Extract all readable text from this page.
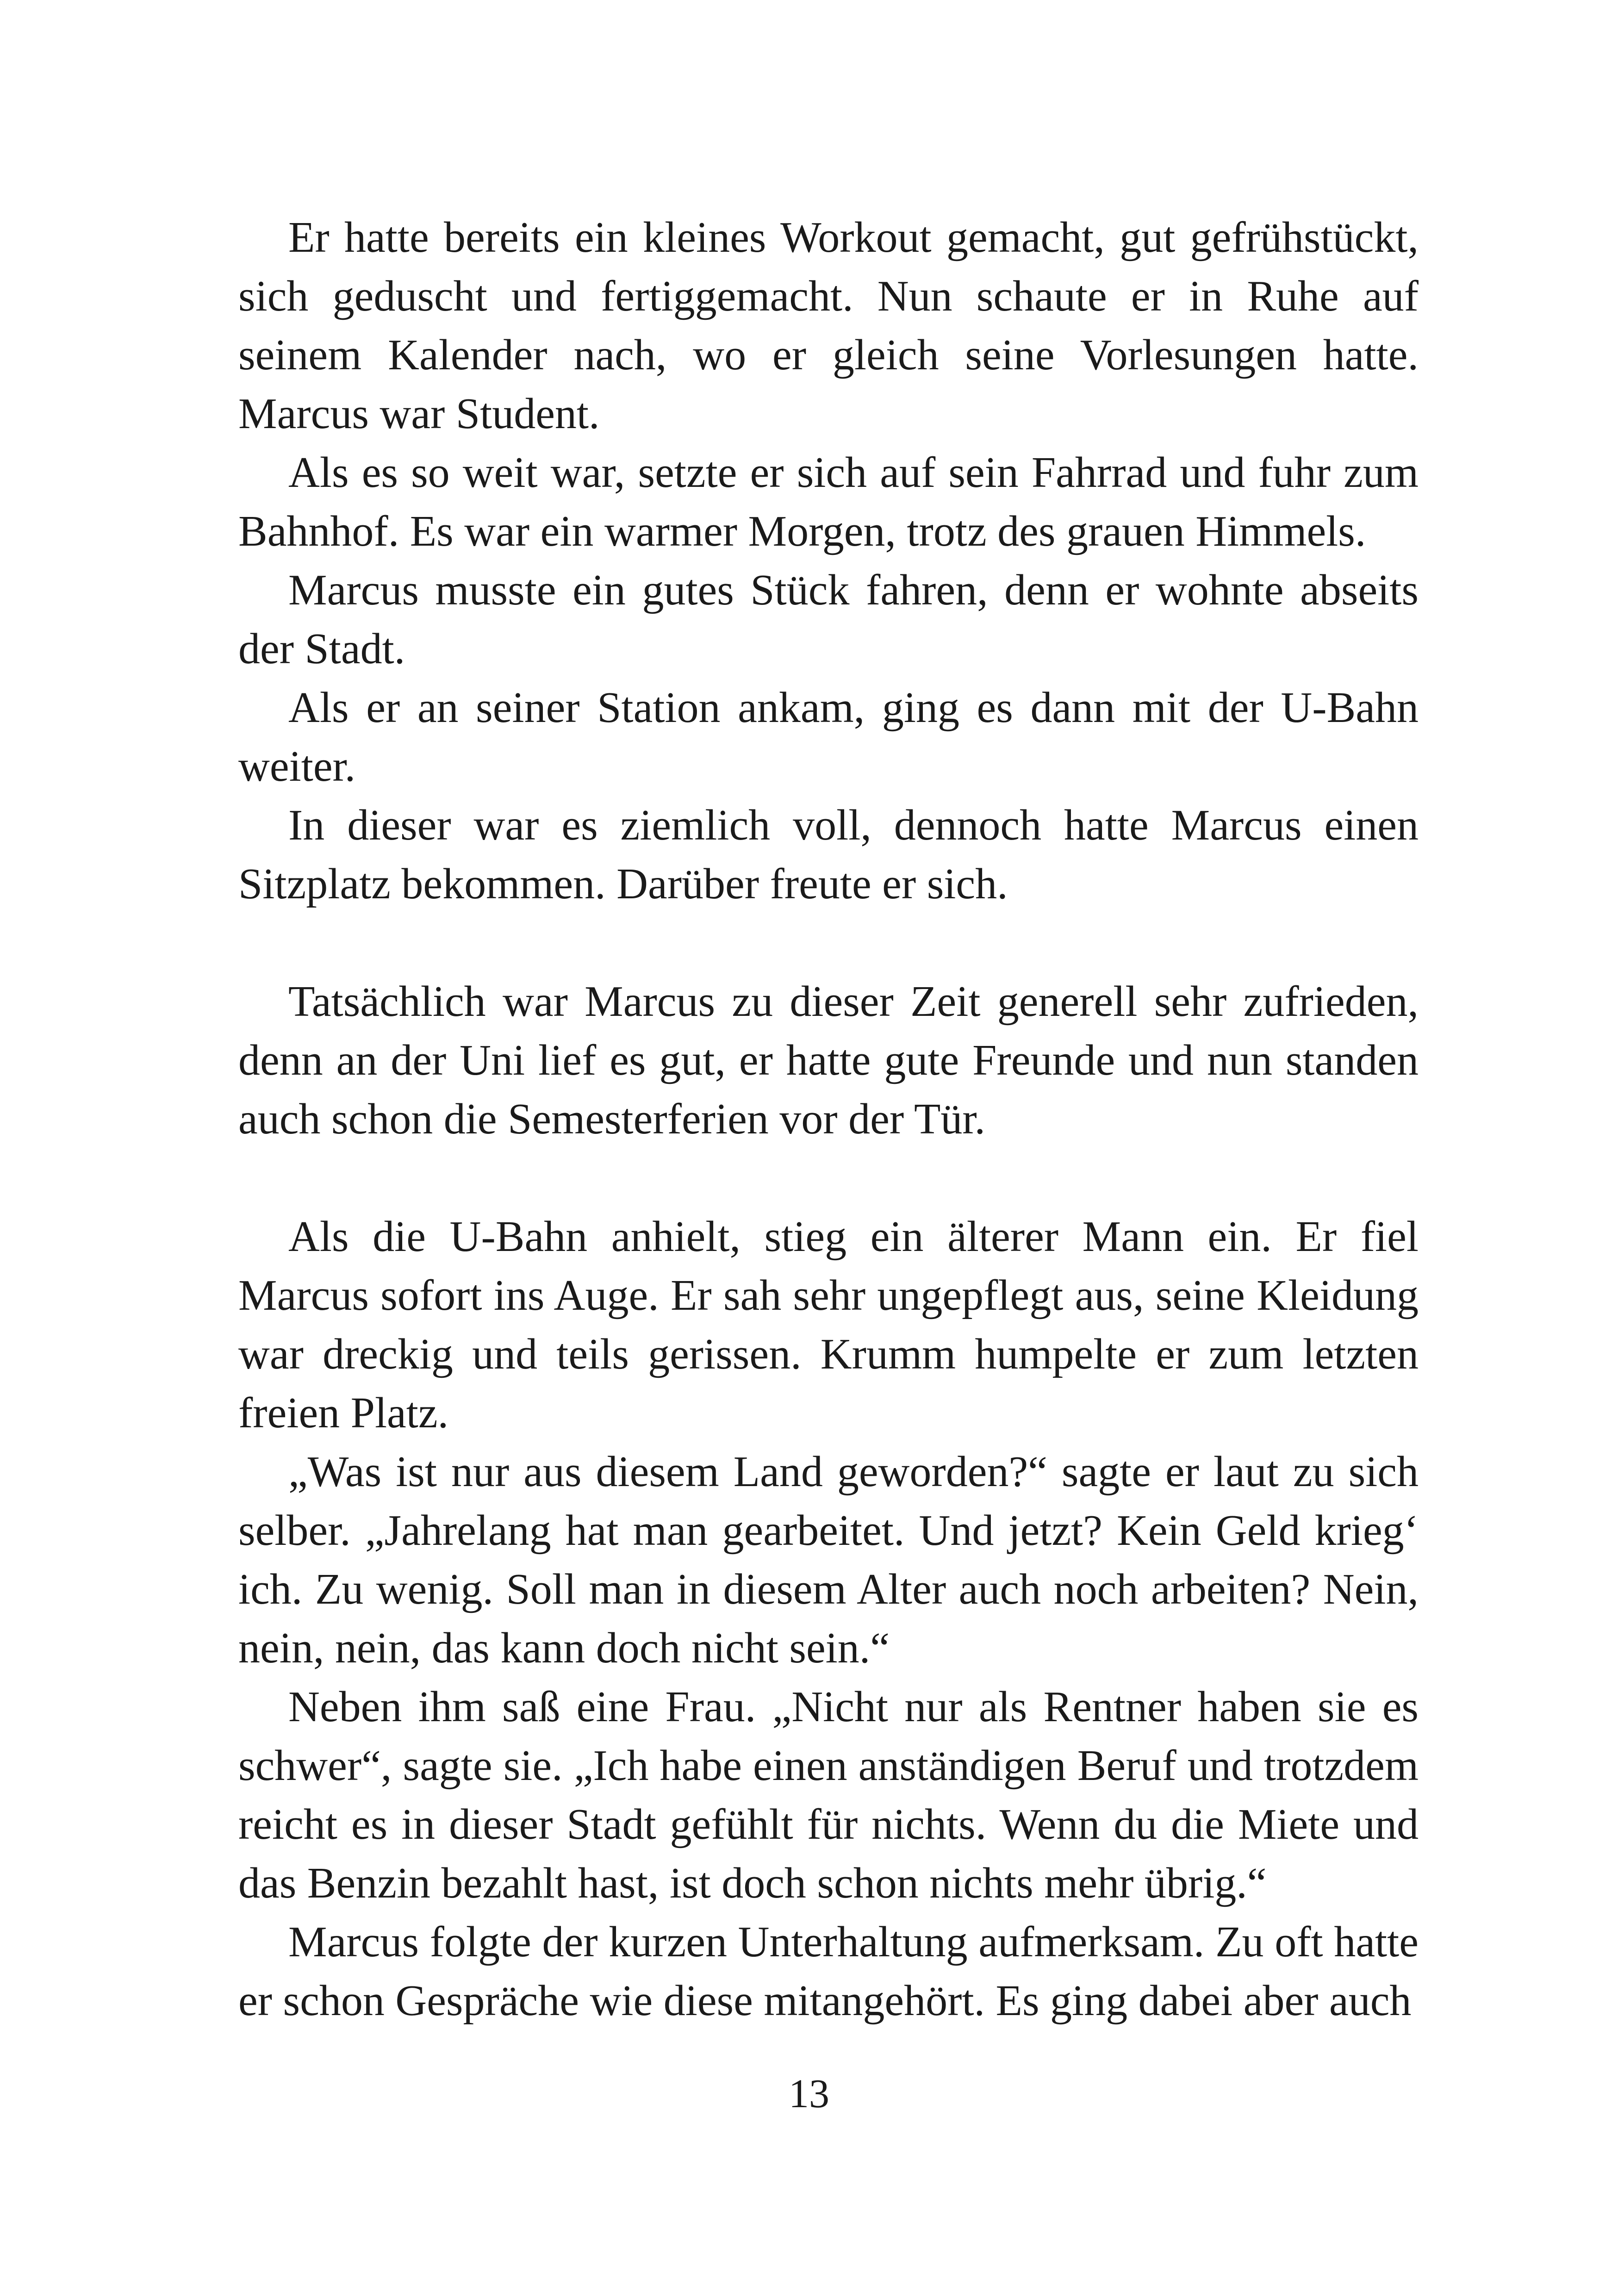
Er hatte bereits ein kleines Workout gemacht, gut gefrühstückt, sich geduscht und fertiggemacht. Nun schaute er in Ruhe auf seinem Kalender nach, wo er gleich seine Vorlesungen hatte. Marcus war Student.

Als es so weit war, setzte er sich auf sein Fahrrad und fuhr zum Bahnhof. Es war ein warmer Morgen, trotz des grauen Himmels.

Marcus musste ein gutes Stück fahren, denn er wohnte abseits der Stadt.

Als er an seiner Station ankam, ging es dann mit der U-Bahn weiter.

In dieser war es ziemlich voll, dennoch hatte Marcus einen Sitzplatz bekommen. Darüber freute er sich.

Tatsächlich war Marcus zu dieser Zeit generell sehr zufrieden, denn an der Uni lief es gut, er hatte gute Freunde und nun standen auch schon die Semesterferien vor der Tür.

Als die U-Bahn anhielt, stieg ein älterer Mann ein. Er fiel Marcus sofort ins Auge. Er sah sehr ungepflegt aus, seine Kleidung war dreckig und teils gerissen. Krumm humpelte er zum letzten freien Platz.

„Was ist nur aus diesem Land geworden?“ sagte er laut zu sich selber. „Jahrelang hat man gearbeitet. Und jetzt? Kein Geld krieg‘ ich. Zu wenig. Soll man in diesem Alter auch noch arbeiten? Nein, nein, nein, das kann doch nicht sein.“

Neben ihm saß eine Frau. „Nicht nur als Rentner haben sie es schwer“, sagte sie. „Ich habe einen anständigen Beruf und trotzdem reicht es in dieser Stadt gefühlt für nichts. Wenn du die Miete und das Benzin bezahlt hast, ist doch schon nichts mehr übrig.“

Marcus folgte der kurzen Unterhaltung aufmerksam. Zu oft hatte er schon Gespräche wie diese mitangehört. Es ging dabei aber auch

13
